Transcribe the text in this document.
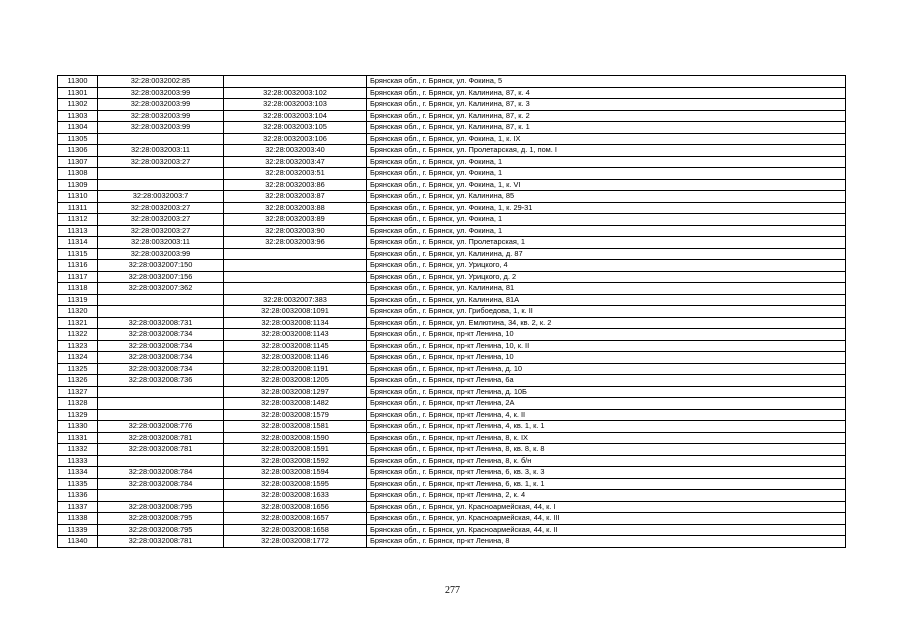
11300	32:28:0032002:85		Брянская обл., г. Брянск, ул. Фокина, 5
11301	32:28:0032003:99	32:28:0032003:102	Брянская обл., г. Брянск, ул. Калинина, 87, к. 4
11302	32:28:0032003:99	32:28:0032003:103	Брянская обл., г. Брянск, ул. Калинина, 87, к. 3
11303	32:28:0032003:99	32:28:0032003:104	Брянская обл., г. Брянск, ул. Калинина, 87, к. 2
11304	32:28:0032003:99	32:28:0032003:105	Брянская обл., г. Брянск, ул. Калинина, 87, к. 1
11305		32:28:0032003:106	Брянская обл., г. Брянск, ул. Фокина, 1, к. IX
11306	32:28:0032003:11	32:28:0032003:40	Брянская обл., г. Брянск, ул. Пролетарская, д. 1, пом. I
11307	32:28:0032003:27	32:28:0032003:47	Брянская обл., г. Брянск, ул. Фокина, 1
11308		32:28:0032003:51	Брянская обл., г. Брянск, ул. Фокина, 1
11309		32:28:0032003:86	Брянская обл., г. Брянск, ул. Фокина, 1, к. VI
11310	32:28:0032003:7	32:28:0032003:87	Брянская обл., г. Брянск, ул. Калинина, 85
11311	32:28:0032003:27	32:28:0032003:88	Брянская обл., г. Брянск, ул. Фокина, 1, к. 29-31
11312	32:28:0032003:27	32:28:0032003:89	Брянская обл., г. Брянск, ул. Фокина, 1
11313	32:28:0032003:27	32:28:0032003:90	Брянская обл., г. Брянск, ул. Фокина, 1
11314	32:28:0032003:11	32:28:0032003:96	Брянская обл., г. Брянск, ул. Пролетарская, 1
11315	32:28:0032003:99		Брянская обл., г. Брянск, ул. Калинина, д. 87
11316	32:28:0032007:150		Брянская обл., г. Брянск, ул. Урицкого, 4
11317	32:28:0032007:156		Брянская обл., г. Брянск, ул. Урицкого, д. 2
11318	32:28:0032007:362		Брянская обл., г. Брянск, ул. Калинина, 81
11319		32:28:0032007:383	Брянская обл., г. Брянск, ул. Калинина, 81А
11320		32:28:0032008:1091	Брянская обл., г. Брянск, ул. Грибоедова, 1, к. II
11321	32:28:0032008:731	32:28:0032008:1134	Брянская обл., г. Брянск, ул. Емлютина, 34, кв. 2, к. 2
11322	32:28:0032008:734	32:28:0032008:1143	Брянская обл., г. Брянск, пр-кт Ленина, 10
11323	32:28:0032008:734	32:28:0032008:1145	Брянская обл., г. Брянск, пр-кт Ленина, 10, к. II
11324	32:28:0032008:734	32:28:0032008:1146	Брянская обл., г. Брянск, пр-кт Ленина, 10
11325	32:28:0032008:734	32:28:0032008:1191	Брянская обл., г. Брянск, пр-кт Ленина, д. 10
11326	32:28:0032008:736	32:28:0032008:1205	Брянская обл., г. Брянск, пр-кт Ленина, 6а
11327		32:28:0032008:1297	Брянская обл., г. Брянск, пр-кт Ленина, д. 10Б
11328		32:28:0032008:1482	Брянская обл., г. Брянск, пр-кт Ленина, 2А
11329		32:28:0032008:1579	Брянская обл., г. Брянск, пр-кт Ленина, 4, к. II
11330	32:28:0032008:776	32:28:0032008:1581	Брянская обл., г. Брянск, пр-кт Ленина, 4, кв. 1, к. 1
11331	32:28:0032008:781	32:28:0032008:1590	Брянская обл., г. Брянск, пр-кт Ленина, 8, к. IX
11332	32:28:0032008:781	32:28:0032008:1591	Брянская обл., г. Брянск, пр-кт Ленина, 8, кв. 8, к. 8
11333		32:28:0032008:1592	Брянская обл., г. Брянск, пр-кт Ленина, 8, к. б/н
11334	32:28:0032008:784	32:28:0032008:1594	Брянская обл., г. Брянск, пр-кт Ленина, 6, кв. 3, к. 3
11335	32:28:0032008:784	32:28:0032008:1595	Брянская обл., г. Брянск, пр-кт Ленина, 6, кв. 1, к. 1
11336		32:28:0032008:1633	Брянская обл., г. Брянск, пр-кт Ленина, 2, к. 4
11337	32:28:0032008:795	32:28:0032008:1656	Брянская обл., г. Брянск, ул. Красноармейская, 44, к. I
11338	32:28:0032008:795	32:28:0032008:1657	Брянская обл., г. Брянск, ул. Красноармейская, 44, к. III
11339	32:28:0032008:795	32:28:0032008:1658	Брянская обл., г. Брянск, ул. Красноармейская, 44, к. II
11340	32:28:0032008:781	32:28:0032008:1772	Брянская обл., г. Брянск, пр-кт Ленина, 8
277
